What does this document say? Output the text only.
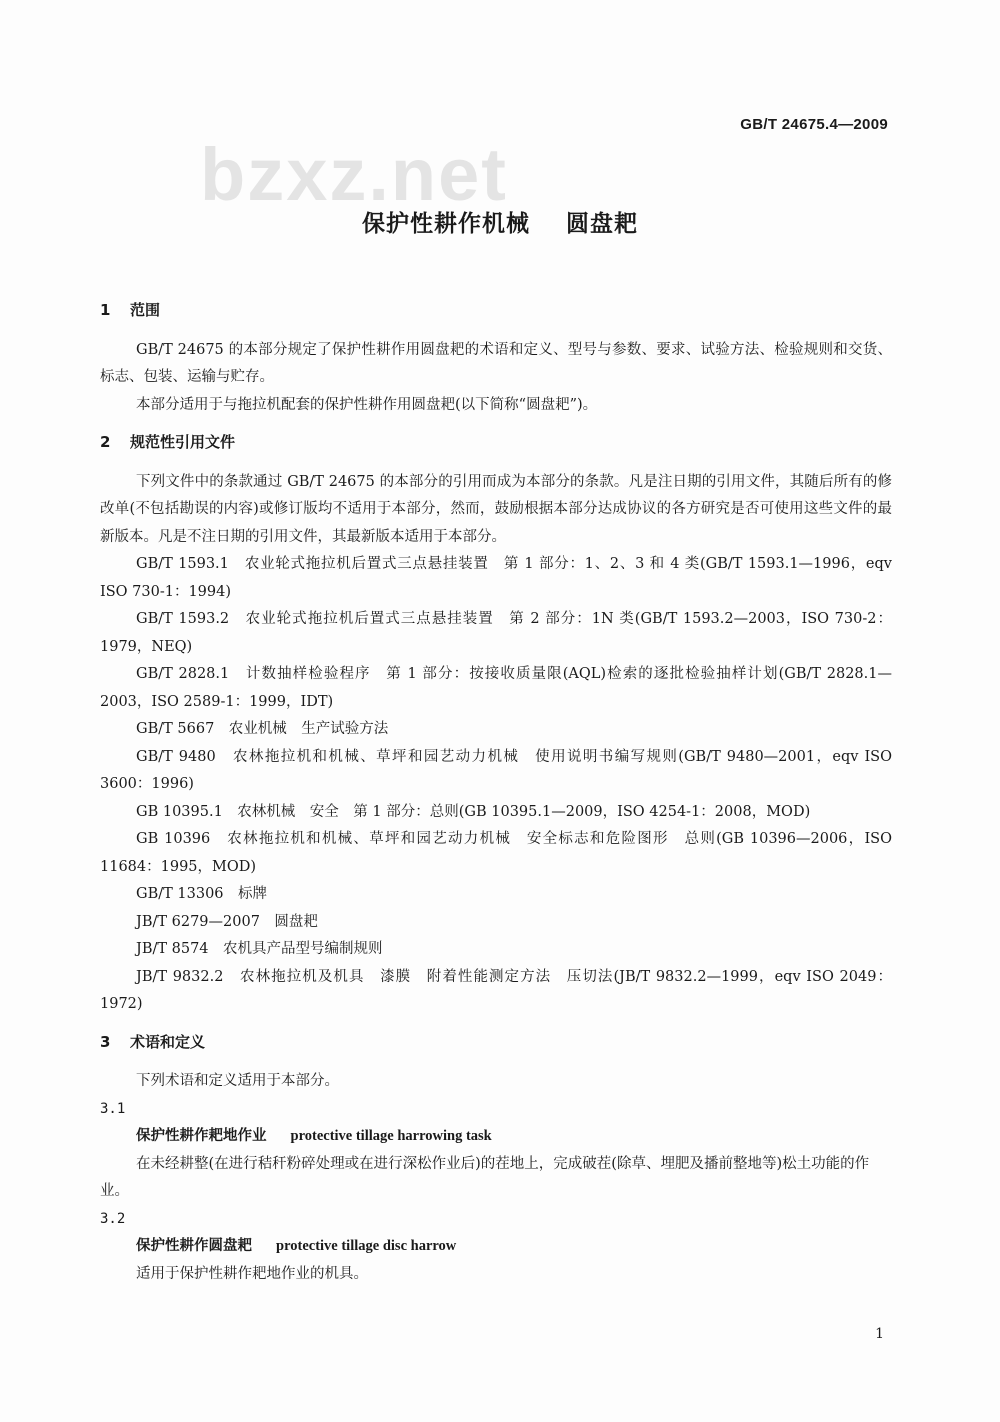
bzxz.net
GB/T 24675.4—2009
保护性耕作机械    圆盘耙
1	范围

GB/T 24675 的本部分规定了保护性耕作用圆盘耙的术语和定义、型号与参数、要求、试验方法、检验规则和交货、标志、包装、运输与贮存。

本部分适用于与拖拉机配套的保护性耕作用圆盘耙(以下简称“圆盘耙”)。

2	规范性引用文件

下列文件中的条款通过 GB/T 24675 的本部分的引用而成为本部分的条款。凡是注日期的引用文件，其随后所有的修改单(不包括勘误的内容)或修订版均不适用于本部分，然而，鼓励根据本部分达成协议的各方研究是否可使用这些文件的最新版本。凡是不注日期的引用文件，其最新版本适用于本部分。

GB/T 1593.1　农业轮式拖拉机后置式三点悬挂装置　第 1 部分：1、2、3 和 4 类(GB/T 1593.1—1996，eqv ISO 730-1：1994)

GB/T 1593.2　农业轮式拖拉机后置式三点悬挂装置　第 2 部分：1N 类(GB/T 1593.2—2003，ISO 730-2：1979，NEQ)

GB/T 2828.1　计数抽样检验程序　第 1 部分：按接收质量限(AQL)检索的逐批检验抽样计划(GB/T 2828.1—2003，ISO 2589-1：1999，IDT)

GB/T 5667　农业机械　生产试验方法

GB/T 9480　农林拖拉机和机械、草坪和园艺动力机械　使用说明书编写规则(GB/T 9480—2001，eqv ISO 3600：1996)

GB 10395.1　农林机械　安全　第 1 部分：总则(GB 10395.1—2009，ISO 4254-1：2008，MOD)

GB 10396　农林拖拉机和机械、草坪和园艺动力机械　安全标志和危险图形　总则(GB 10396—2006，ISO 11684：1995，MOD)

GB/T 13306　标牌

JB/T 6279—2007　圆盘耙

JB/T 8574　农机具产品型号编制规则

JB/T 9832.2　农林拖拉机及机具　漆膜　附着性能测定方法　压切法(JB/T 9832.2—1999，eqv ISO 2049：1972)

3	术语和定义

下列术语和定义适用于本部分。

3.1

保护性耕作耙地作业 protective tillage harrowing task

在未经耕整(在进行秸秆粉碎处理或在进行深松作业后)的茬地上，完成破茬(除草、埋肥及播前整地等)松土功能的作业。

3.2

保护性耕作圆盘耙 protective tillage disc harrow

适用于保护性耕作耙地作业的机具。

1
